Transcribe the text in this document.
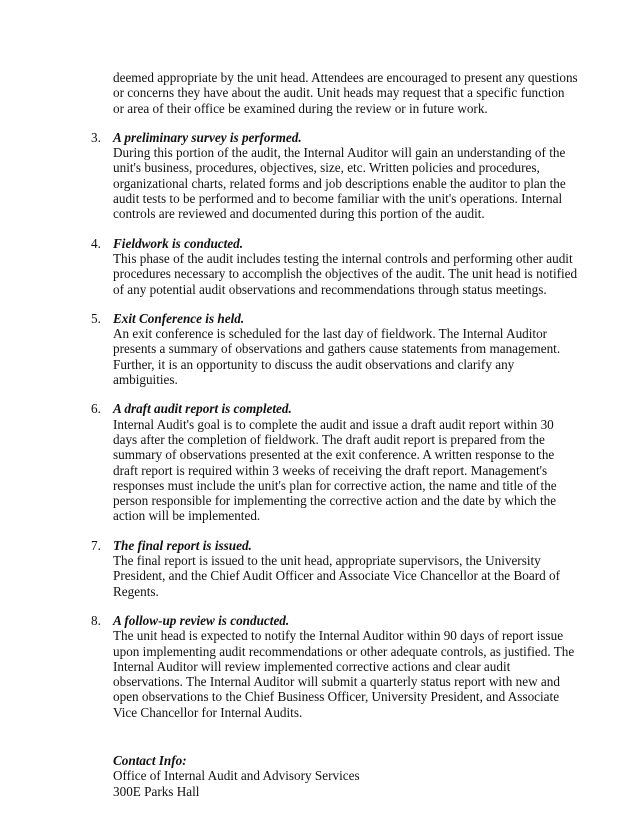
deemed appropriate by the unit head. Attendees are encouraged to present any questions or concerns they have about the audit. Unit heads may request that a specific function or area of their office be examined during the review or in future work.

3. A preliminary survey is performed.
During this portion of the audit, the Internal Auditor will gain an understanding of the unit's business, procedures, objectives, size, etc. Written policies and procedures, organizational charts, related forms and job descriptions enable the auditor to plan the audit tests to be performed and to become familiar with the unit's operations. Internal controls are reviewed and documented during this portion of the audit.
4. Fieldwork is conducted.
This phase of the audit includes testing the internal controls and performing other audit procedures necessary to accomplish the objectives of the audit. The unit head is notified of any potential audit observations and recommendations through status meetings.
5. Exit Conference is held.
An exit conference is scheduled for the last day of fieldwork. The Internal Auditor presents a summary of observations and gathers cause statements from management. Further, it is an opportunity to discuss the audit observations and clarify any ambiguities.
6. A draft audit report is completed.
Internal Audit's goal is to complete the audit and issue a draft audit report within 30 days after the completion of fieldwork. The draft audit report is prepared from the summary of observations presented at the exit conference. A written response to the draft report is required within 3 weeks of receiving the draft report. Management's responses must include the unit's plan for corrective action, the name and title of the person responsible for implementing the corrective action and the date by which the action will be implemented.
7. The final report is issued.
The final report is issued to the unit head, appropriate supervisors, the University President, and the Chief Audit Officer and Associate Vice Chancellor at the Board of Regents.
8. A follow-up review is conducted.
The unit head is expected to notify the Internal Auditor within 90 days of report issue upon implementing audit recommendations or other adequate controls, as justified. The Internal Auditor will review implemented corrective actions and clear audit observations. The Internal Auditor will submit a quarterly status report with new and open observations to the Chief Business Officer, University President, and Associate Vice Chancellor for Internal Audits.
Contact Info:
Office of Internal Audit and Advisory Services
300E Parks Hall
